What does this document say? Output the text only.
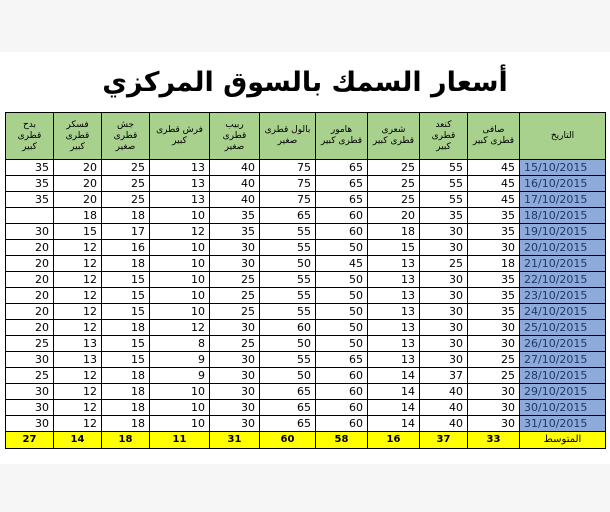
أسعار السمك بالسوق المركزي
بدح قطرى كبير	فسكر قطرى كبير	جش قطرى صغير	فرش قطرى كبير	ربيب قطرى صغير	بالول قطرى صغير	هامور قطرى كبير	شعرى قطرى كبير	كنعد قطرى كبير	صافى قطرى كبير	التاريخ
35	20	25	13	40	75	65	25	55	45	15/10/2015
35	20	25	13	40	75	65	25	55	45	16/10/2015
35	20	25	13	40	75	65	25	55	45	17/10/2015
	18	18	10	35	65	60	20	35	35	18/10/2015
30	15	17	12	35	55	60	18	30	35	19/10/2015
20	12	16	10	30	55	50	15	30	30	20/10/2015
20	12	18	10	30	50	45	13	25	18	21/10/2015
20	12	15	10	25	55	50	13	30	35	22/10/2015
20	12	15	10	25	55	50	13	30	35	23/10/2015
20	12	15	10	25	55	50	13	30	35	24/10/2015
20	12	18	12	30	60	50	13	30	30	25/10/2015
25	13	15	8	25	50	50	13	30	30	26/10/2015
30	13	15	9	30	55	65	13	30	25	27/10/2015
25	12	18	9	30	50	60	14	37	25	28/10/2015
30	12	18	10	30	65	60	14	40	30	29/10/2015
30	12	18	10	30	65	60	14	40	30	30/10/2015
30	12	18	10	30	65	60	14	40	30	31/10/2015
27	14	18	11	31	60	58	16	37	33	المتوسط
